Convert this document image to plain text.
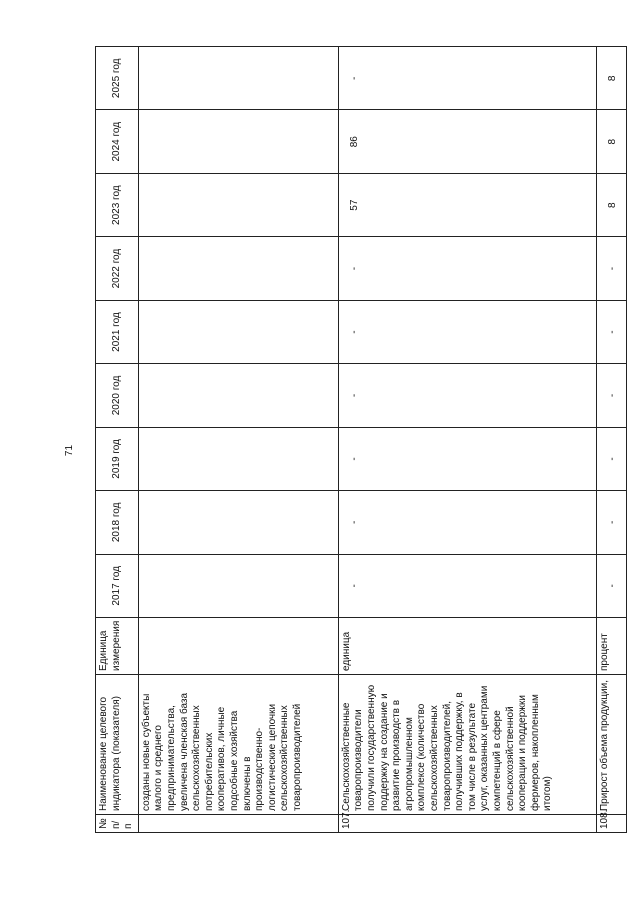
71
№ п/п	Наименование целевого индикатора (показателя)	Единица измерения	2017 год	2018 год	2019 год	2020 год	2021 год	2022 год	2023 год	2024 год	2025 год
	созданы новые субъекты малого и среднего предпринимательства, увеличена членская база сельскохозяйственных потребительских кооперативов, личные подсобные хозяйства включены в производственно-логистические цепочки сельскохозяйственных товаропроизводителей										
107.	Сельскохозяйственные товаропроизводители получили государственную поддержку на создание и развитие производств в агропромышленном комплексе (количество сельскохозяйственных товаропроизводителей, получивших поддержку, в том числе в результате услуг, оказанных центрами компетенций в сфере сельскохозяйственной кооперации и поддержки фермеров, накопленным итогом)	единица	-	-	-	-	-	-	57	86	-
108.	Прирост объема продукции,	процент	-	-	-	-	-	-	8	8	8
